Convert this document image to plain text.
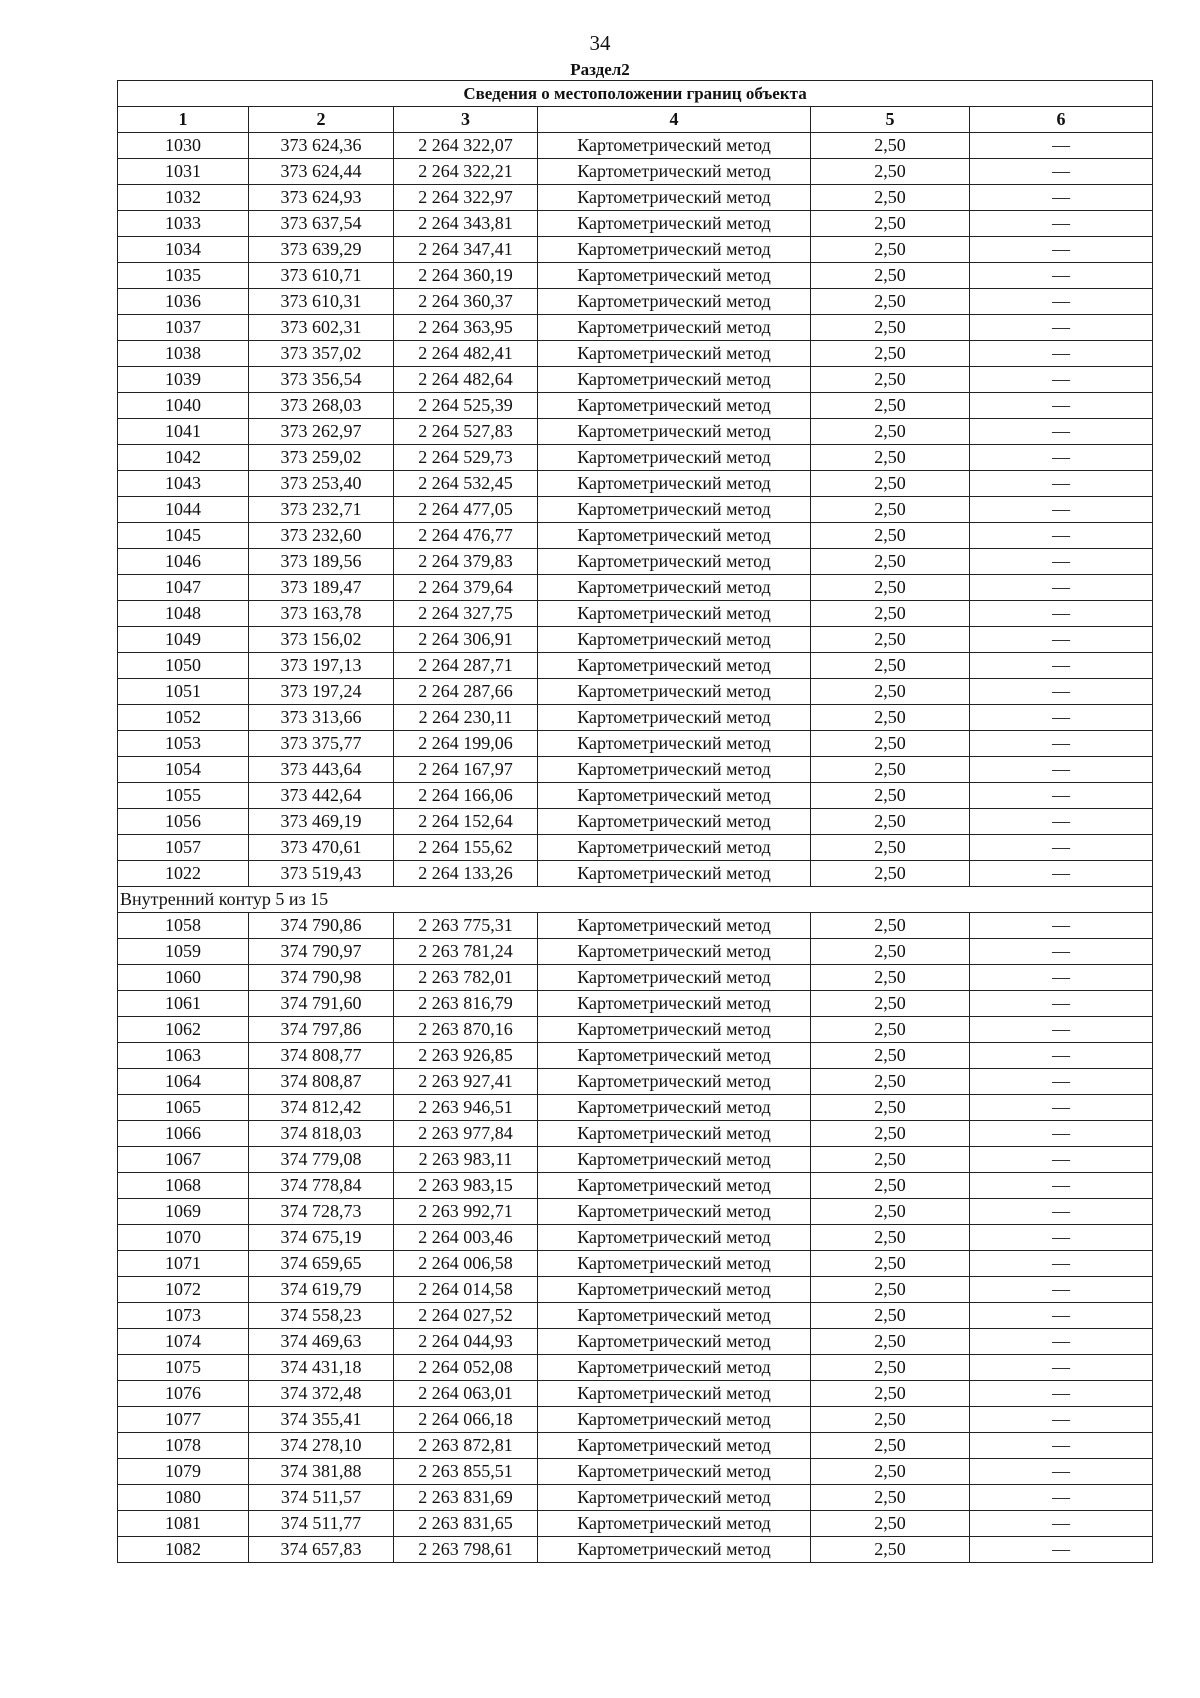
34
Раздел2
Сведения о местоположении границ объекта					
1	2	3	4	5	6
1030	373 624,36	2 264 322,07	Картометрический метод	2,50	—
1031	373 624,44	2 264 322,21	Картометрический метод	2,50	—
1032	373 624,93	2 264 322,97	Картометрический метод	2,50	—
1033	373 637,54	2 264 343,81	Картометрический метод	2,50	—
1034	373 639,29	2 264 347,41	Картометрический метод	2,50	—
1035	373 610,71	2 264 360,19	Картометрический метод	2,50	—
1036	373 610,31	2 264 360,37	Картометрический метод	2,50	—
1037	373 602,31	2 264 363,95	Картометрический метод	2,50	—
1038	373 357,02	2 264 482,41	Картометрический метод	2,50	—
1039	373 356,54	2 264 482,64	Картометрический метод	2,50	—
1040	373 268,03	2 264 525,39	Картометрический метод	2,50	—
1041	373 262,97	2 264 527,83	Картометрический метод	2,50	—
1042	373 259,02	2 264 529,73	Картометрический метод	2,50	—
1043	373 253,40	2 264 532,45	Картометрический метод	2,50	—
1044	373 232,71	2 264 477,05	Картометрический метод	2,50	—
1045	373 232,60	2 264 476,77	Картометрический метод	2,50	—
1046	373 189,56	2 264 379,83	Картометрический метод	2,50	—
1047	373 189,47	2 264 379,64	Картометрический метод	2,50	—
1048	373 163,78	2 264 327,75	Картометрический метод	2,50	—
1049	373 156,02	2 264 306,91	Картометрический метод	2,50	—
1050	373 197,13	2 264 287,71	Картометрический метод	2,50	—
1051	373 197,24	2 264 287,66	Картометрический метод	2,50	—
1052	373 313,66	2 264 230,11	Картометрический метод	2,50	—
1053	373 375,77	2 264 199,06	Картометрический метод	2,50	—
1054	373 443,64	2 264 167,97	Картометрический метод	2,50	—
1055	373 442,64	2 264 166,06	Картометрический метод	2,50	—
1056	373 469,19	2 264 152,64	Картометрический метод	2,50	—
1057	373 470,61	2 264 155,62	Картометрический метод	2,50	—
1022	373 519,43	2 264 133,26	Картометрический метод	2,50	—
Внутренний контур 5 из 15					
1058	374 790,86	2 263 775,31	Картометрический метод	2,50	—
1059	374 790,97	2 263 781,24	Картометрический метод	2,50	—
1060	374 790,98	2 263 782,01	Картометрический метод	2,50	—
1061	374 791,60	2 263 816,79	Картометрический метод	2,50	—
1062	374 797,86	2 263 870,16	Картометрический метод	2,50	—
1063	374 808,77	2 263 926,85	Картометрический метод	2,50	—
1064	374 808,87	2 263 927,41	Картометрический метод	2,50	—
1065	374 812,42	2 263 946,51	Картометрический метод	2,50	—
1066	374 818,03	2 263 977,84	Картометрический метод	2,50	—
1067	374 779,08	2 263 983,11	Картометрический метод	2,50	—
1068	374 778,84	2 263 983,15	Картометрический метод	2,50	—
1069	374 728,73	2 263 992,71	Картометрический метод	2,50	—
1070	374 675,19	2 264 003,46	Картометрический метод	2,50	—
1071	374 659,65	2 264 006,58	Картометрический метод	2,50	—
1072	374 619,79	2 264 014,58	Картометрический метод	2,50	—
1073	374 558,23	2 264 027,52	Картометрический метод	2,50	—
1074	374 469,63	2 264 044,93	Картометрический метод	2,50	—
1075	374 431,18	2 264 052,08	Картометрический метод	2,50	—
1076	374 372,48	2 264 063,01	Картометрический метод	2,50	—
1077	374 355,41	2 264 066,18	Картометрический метод	2,50	—
1078	374 278,10	2 263 872,81	Картометрический метод	2,50	—
1079	374 381,88	2 263 855,51	Картометрический метод	2,50	—
1080	374 511,57	2 263 831,69	Картометрический метод	2,50	—
1081	374 511,77	2 263 831,65	Картометрический метод	2,50	—
1082	374 657,83	2 263 798,61	Картометрический метод	2,50	—
